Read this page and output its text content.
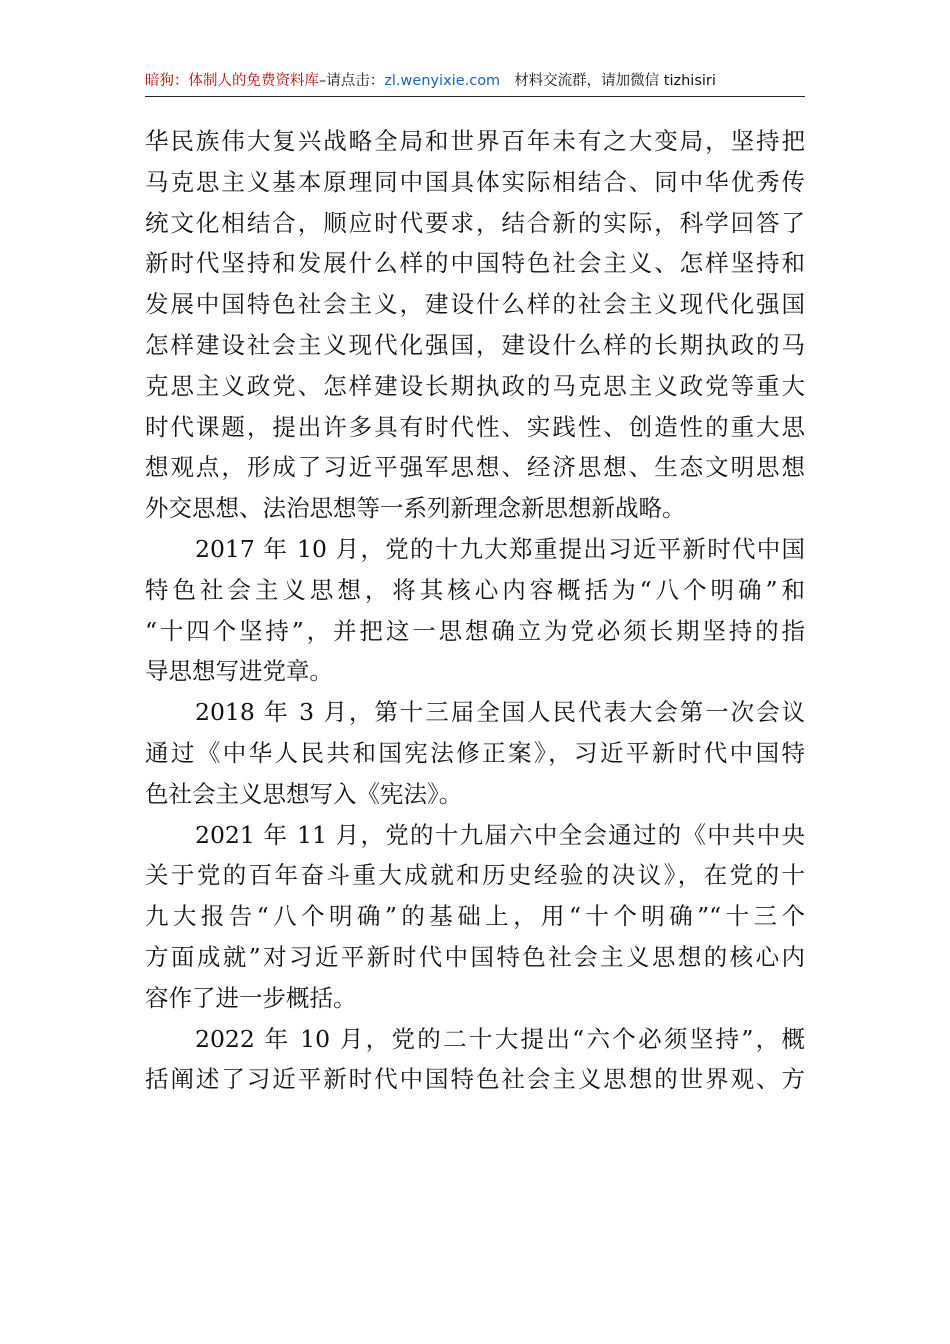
暗狗：体制人的免费资料库–请点击：zl.wenyixie.com 材料交流群，请加微信 tizhisiri

华民族伟大复兴战略全局和世界百年未有之大变局，坚持把
马克思主义基本原理同中国具体实际相结合、同中华优秀传
统文化相结合，顺应时代要求，结合新的实际，科学回答了
新时代坚持和发展什么样的中国特色社会主义、怎样坚持和
发展中国特色社会主义，建设什么样的社会主义现代化强国
怎样建设社会主义现代化强国，建设什么样的长期执政的马
克思主义政党、怎样建设长期执政的马克思主义政党等重大
时代课题，提出许多具有时代性、实践性、创造性的重大思
想观点，形成了习近平强军思想、经济思想、生态文明思想
外交思想、法治思想等一系列新理念新思想新战略。

2017 年 10 月，党的十九大郑重提出习近平新时代中国
特色社会主义思想，将其核心内容概括为“八个明确”和
“十四个坚持”，并把这一思想确立为党必须长期坚持的指
导思想写进党章。

2018 年 3 月，第十三届全国人民代表大会第一次会议
通过《中华人民共和国宪法修正案》，习近平新时代中国特
色社会主义思想写入《宪法》。

2021 年 11 月，党的十九届六中全会通过的《中共中央
关于党的百年奋斗重大成就和历史经验的决议》，在党的十
九大报告“八个明确”的基础上，用“十个明确”“十三个
方面成就”对习近平新时代中国特色社会主义思想的核心内
容作了进一步概括。

2022 年 10 月，党的二十大提出“六个必须坚持”，概
括阐述了习近平新时代中国特色社会主义思想的世界观、方
